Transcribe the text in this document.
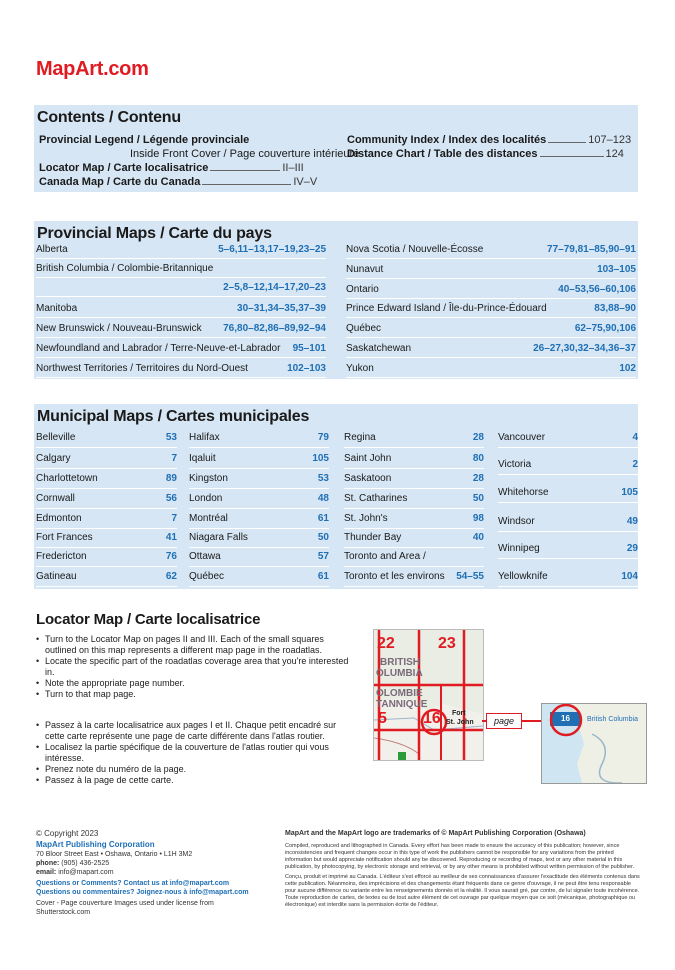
MapArt.com
Contents / Contenu
Provincial Legend / Légende provinciale
Inside Front Cover / Page couverture intérieure
Locator Map / Carte localisatrice	II–III
Canada Map / Carte du Canada	IV–V
Community Index / Index des localités	107–123
Distance Chart / Table des distances	124
Provincial Maps / Carte du pays
Alberta	5–6,11–13,17–19,23–25
British Columbia / Colombie-Britannique
2–5,8–12,14–17,20–23
Manitoba	30–31,34–35,37–39
New Brunswick / Nouveau-Brunswick 76,80–82,86–89,92–94
Newfoundland and Labrador / Terre-Neuve-et-Labrador 95–101
Northwest Territories / Territoires du Nord-Ouest	102–103
Nova Scotia / Nouvelle-Écosse	77–79,81–85,90–91
Nunavut	103–105
Ontario	40–53,56–60,106
Prince Edward Island / Île-du-Prince-Édouard	83,88–90
Québec	62–75,90,106
Saskatchewan	26–27,30,32–34,36–37
Yukon	102
Municipal Maps / Cartes municipales
Belleville	53
Calgary	7
Charlottetown	89
Cornwall	56
Edmonton	7
Fort Frances	41
Fredericton	76
Gatineau	62
Halifax	79
Iqaluit	105
Kingston	53
London	48
Montréal	61
Niagara Falls	50
Ottawa	57
Québec	61
Regina	28
Saint John	80
Saskatoon	28
St. Catharines	50
St. John's	98
Thunder Bay	40
Toronto and Area /
Toronto et les environs 54–55
Vancouver	4
Victoria	2
Whitehorse	105
Windsor	49
Winnipeg	29
Yellowknife	104
Locator Map / Carte localisatrice
• Turn to the Locator Map on pages II and III. Each of the small squares outlined on this map represents a different map page in the roadatlas.
• Locate the specific part of the roadatlas coverage area that you're interested in.
• Note the appropriate page number.
• Turn to that map page.
• Passez à la carte localisatrice aux pages I et II. Chaque petit encadré sur cette carte représente une page de carte différente dans l'atlas routier.
• Localisez la partie spécifique de la couverture de l'atlas routier qui vous intéresse.
• Prenez note du numéro de la page.
• Passez à la page de cette carte.
22	23
BRITISH
OLUMBIA
OLOMBIE
TANNIQUE
5 16 Fort
St. John	page	16 British Columbia
© Copyright 2023
MapArt Publishing Corporation
70 Bloor Street East • Oshawa, Ontario • L1H 3M2
phone: (905) 436-2525
email: info@mapart.com
Questions or Comments? Contact us at info@mapart.com
Questions ou commentaires? Joignez-nous à info@mapart.com
Cover - Page couverture Images used under license from Shutterstock.com
MapArt and the MapArt logo are trademarks of © MapArt Publishing Corporation (Oshawa)
Compiled, reproduced and lithographed in Canada. Every effort has been made to ensure the accuracy of this publication; however, since inconsistencies and frequent changes occur in this type of work the publishers cannot be responsible for any variations from the printed information but would appreciate notification should any be discovered. Reproducing or recording of maps, text or any other material in this publication, by photocopying, by electronic storage and retrieval, or by any other means is prohibited without written permission of the publisher.
Conçu, produit et imprimé au Canada. L'éditeur s'est efforcé au meilleur de ses connaissances d'assurer l'exactitude des éléments contenus dans cette publication. Néanmoins, des imprécisions et des changements étant fréquents dans ce genre d'ouvrage, il ne peut être tenu responsable pour aucune différence ou variante entre les renseignements donnés et la réalité. Il vous saurait gré, par contre, de lui signaler toute incohérence. Toute reproduction de cartes, de textes ou de tout autre élément de cet ouvrage par quelque moyen que ce soit (mécanique, photographique ou électronique) est interdite sans la permission écrite de l'éditeur.
